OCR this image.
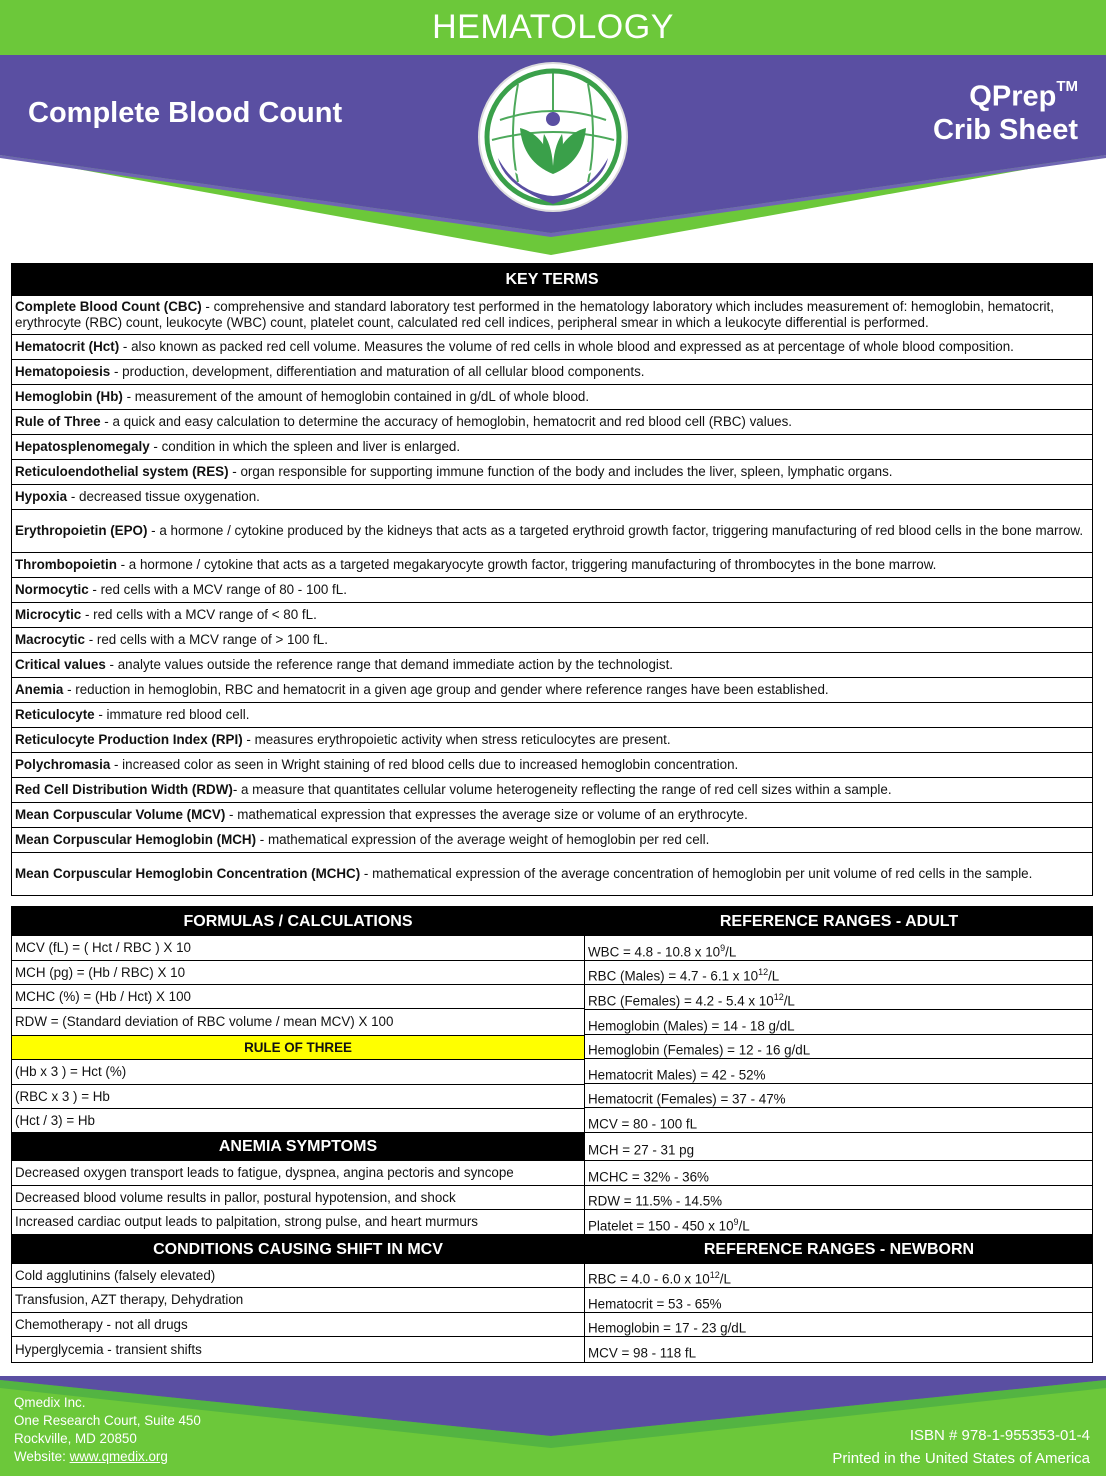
HEMATOLOGY
Complete Blood Count
QPrep™
Crib Sheet
KEY TERMS
Complete Blood Count (CBC) - comprehensive and standard laboratory test performed in the hematology laboratory which includes measurement of: hemoglobin, hematocrit, erythrocyte (RBC) count, leukocyte (WBC) count, platelet count, calculated red cell indices, peripheral smear in which a leukocyte differential is performed.
Hematocrit (Hct) - also known as packed red cell volume. Measures the volume of red cells in whole blood and expressed as at percentage of whole blood composition.
Hematopoiesis - production, development, differentiation and maturation of all cellular blood components.
Hemoglobin (Hb) - measurement of the amount of hemoglobin contained in g/dL of whole blood.
Rule of Three - a quick and easy calculation to determine the accuracy of hemoglobin, hematocrit and red blood cell (RBC) values.
Hepatosplenomegaly - condition in which the spleen and liver is enlarged.
Reticuloendothelial system (RES) - organ responsible for supporting immune function of the body and includes the liver, spleen, lymphatic organs.
Hypoxia - decreased tissue oxygenation.
Erythropoietin (EPO) - a hormone / cytokine produced by the kidneys that acts as a targeted erythroid growth factor, triggering manufacturing of red blood cells in the bone marrow.
Thrombopoietin - a hormone / cytokine that acts as a targeted megakaryocyte growth factor, triggering manufacturing of thrombocytes in the bone marrow.
Normocytic - red cells with a MCV range of 80 - 100 fL.
Microcytic - red cells with a MCV range of < 80 fL.
Macrocytic - red cells with a MCV range of > 100 fL.
Critical values - analyte values outside the reference range that demand immediate action by the technologist.
Anemia - reduction in hemoglobin, RBC and hematocrit in a given age group and gender where reference ranges have been established.
Reticulocyte - immature red blood cell.
Reticulocyte Production Index (RPI) - measures erythropoietic activity when stress reticulocytes are present.
Polychromasia - increased color as seen in Wright staining of red blood cells due to increased hemoglobin concentration.
Red Cell Distribution Width (RDW)- a measure that quantitates cellular volume heterogeneity reflecting the range of red cell sizes within a sample.
Mean Corpuscular Volume (MCV) - mathematical expression that expresses the average size or volume of an erythrocyte.
Mean Corpuscular Hemoglobin (MCH) - mathematical expression of the average weight of hemoglobin per red cell.
Mean Corpuscular Hemoglobin Concentration (MCHC) - mathematical expression of the average concentration of hemoglobin per unit volume of red cells in the sample.
FORMULAS / CALCULATIONS
MCV (fL) = ( Hct / RBC ) X 10
MCH (pg) = (Hb / RBC) X 10
MCHC (%) = (Hb / Hct) X 100
RDW = (Standard deviation of RBC volume / mean MCV) X 100
RULE OF THREE
(Hb x 3 ) = Hct (%)
(RBC x 3 ) = Hb
(Hct / 3) = Hb
ANEMIA SYMPTOMS
Decreased oxygen transport leads to fatigue, dyspnea, angina pectoris and syncope
Decreased blood volume results in pallor, postural hypotension, and shock
Increased cardiac output leads to palpitation, strong pulse, and heart murmurs
CONDITIONS CAUSING SHIFT IN MCV
Cold agglutinins (falsely elevated)
Transfusion, AZT therapy, Dehydration
Chemotherapy - not all drugs
Hyperglycemia - transient shifts
REFERENCE RANGES - ADULT
WBC = 4.8 - 10.8 x $10^9/L$
RBC (Males) = 4.7 - 6.1 x $10^{12}/L$
RBC (Females) = 4.2 - 5.4 x $10^{12}/L$
Hemoglobin (Males) = 14 - 18 g/dL
Hemoglobin (Females) = 12 - 16 g/dL
Hematocrit Males) = 42 - 52%
Hematocrit (Females) = 37 - 47%
MCV = 80 - 100 fL
MCH = 27 - 31 pg
MCHC = 32% - 36%
RDW = 11.5% - 14.5%
Platelet = 150 - 450 x $10^9/L$
REFERENCE RANGES - NEWBORN
RBC = 4.0 - 6.0 x $10^{12}/L$
Hematocrit = 53 - 65%
Hemoglobin = 17 - 23 g/dL
MCV = 98 - 118 fL
Qmedix Inc.
One Research Court, Suite 450
Rockville, MD 20850
Website: www.qmedix.org
ISBN # 978-1-955353-01-4
Printed in the United States of America
